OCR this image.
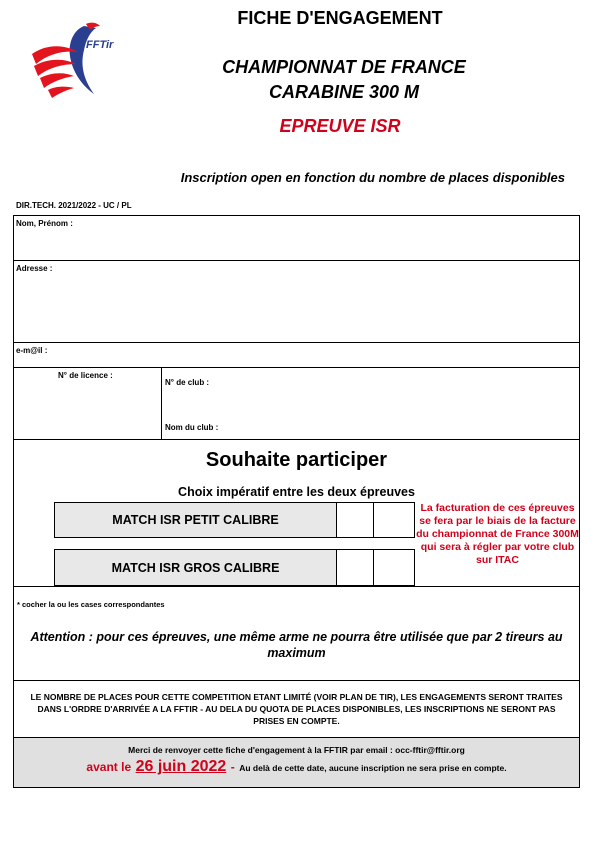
FFTir
FICHE D'ENGAGEMENT
CHAMPIONNAT DE FRANCE
CARABINE 300 M
EPREUVE ISR
Inscription open en fonction du nombre de places disponibles
DIR.TECH. 2021/2022 - UC / PL
Nom, Prénom :
Adresse :
e-m@il :
N° de licence :
N° de club :
Nom du club :
Souhaite participer
Choix impératif entre les deux épreuves
MATCH ISR PETIT CALIBRE
MATCH ISR GROS CALIBRE
La facturation de ces épreuves se fera par le biais de la facture du championnat de France 300M qui sera à régler par votre club sur ITAC
* cocher la ou les cases correspondantes
Attention : pour ces épreuves, une même arme ne pourra être utilisée que par 2 tireurs au maximum
LE NOMBRE DE PLACES POUR CETTE COMPETITION ETANT LIMITÉ (VOIR PLAN DE TIR), LES ENGAGEMENTS SERONT TRAITES DANS L'ORDRE D'ARRIVÉE A LA FFTIR - AU DELA DU QUOTA DE PLACES DISPONIBLES, LES INSCRIPTIONS NE SERONT PAS PRISES EN COMPTE.
Merci de renvoyer cette fiche d'engagement à la FFTIR par email : occ-fftir@fftir.org
avant le 26 juin 2022 - Au delà de cette date, aucune inscription ne sera prise en compte.
